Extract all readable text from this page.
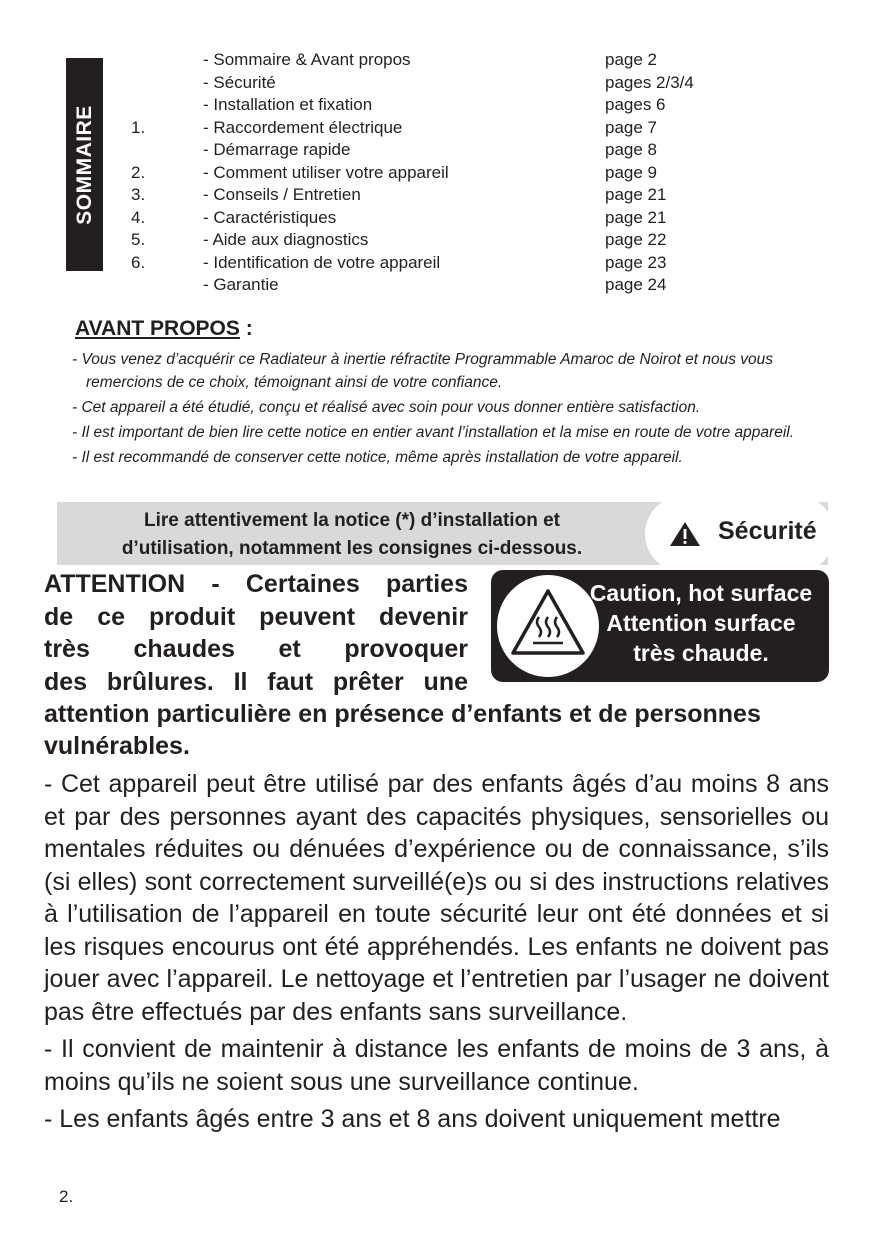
SOMMAIRE
- Sommaire & Avant propos	page 2
- Sécurité	pages 2/3/4
- Installation et fixation	pages 6
1.	- Raccordement électrique	page 7
- Démarrage rapide	page 8
2.	- Comment utiliser votre appareil	page 9
3.	- Conseils / Entretien	page 21
4.	- Caractéristiques	page 21
5.	- Aide aux diagnostics	page 22
6.	- Identification de votre appareil	page 23
- Garantie	page 24
AVANT PROPOS :

- Vous venez d’acquérir ce Radiateur à inertie réfractite Programmable Amaroc de Noirot et nous vous remercions de ce choix, témoignant ainsi de votre confiance.

- Cet appareil a été étudié, conçu et réalisé avec soin pour vous donner entière satisfaction.

- Il est important de bien lire cette notice en entier avant l’installation et la mise en route de votre appareil.

- Il est recommandé de conserver cette notice, même après installation de votre appareil.

Lire attentivement la notice (*) d’installation et
d’utilisation, notamment les consignes ci-dessous.
Sécurité
ATTENTION - Certaines parties
de ce produit peuvent devenir
très chaudes et provoquer
des brûlures. Il faut prêter une
attention particulière en présence d’enfants et de personnes vulnérables.
Caution, hot surface
Attention surface
très chaude.

- Cet appareil peut être utilisé par des enfants âgés d’au moins 8 ans et par des personnes ayant des capacités physiques, sensorielles ou mentales réduites ou dénuées d’expérience ou de connaissance, s’ils (si elles) sont correctement surveillé(e)s ou si des instructions relatives à l’utilisation de l’appareil en toute sécurité leur ont été données et si les risques encourus ont été appréhendés. Les enfants ne doivent pas jouer avec l’appareil. Le nettoyage et l’entretien par l’usager ne doivent pas être effectués par des enfants sans surveillance.

- Il convient de maintenir à distance les enfants de moins de 3 ans, à moins qu’ils ne soient sous une surveillance continue.

- Les enfants âgés entre 3 ans et 8 ans doivent uniquement mettre

2.
